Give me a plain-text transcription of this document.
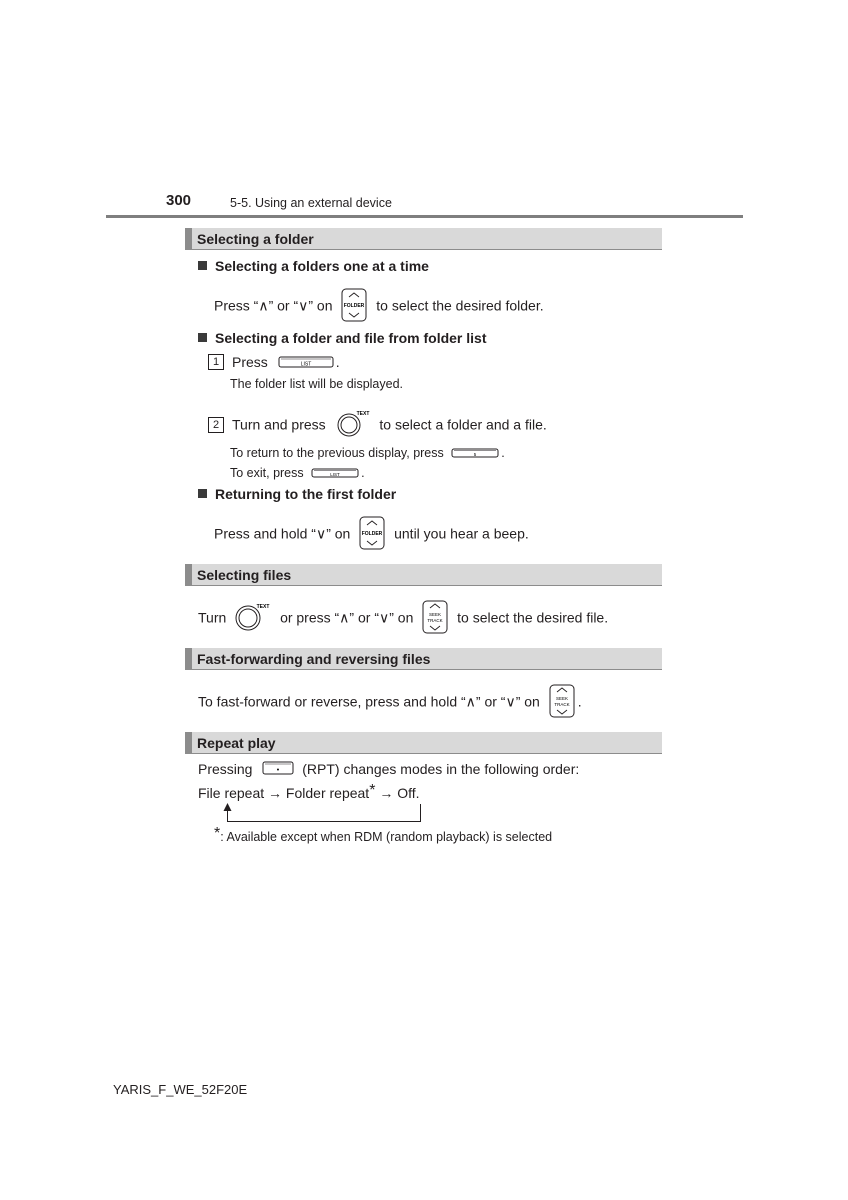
300	5-5. Using an external device
Selecting a folder
Selecting a folders one at a time
Press “∧” or “∨” on FOLDER to select the desired folder.
Selecting a folder and file from folder list
1 Press	LIST .
The folder list will be displayed.
2 Turn and press
TEXT
to select a folder and a file.
To return to the previous display, press	5 .
To exit, press	LIST .
Returning to the first folder
Press and hold “∨” on FOLDER until you hear a beep.
Selecting files
Turn
TEXT
or press “∧” or “∨” on	SEEK
TRACK to select the desired file.
Fast-forwarding and reversing files
To fast-forward or reverse, press and hold “∧” or “∨” on	SEEK
TRACK .
Repeat play
Pressing	• (RPT) changes modes in the following order:
File repeat → Folder repeat* → Off.
*: Available except when RDM (random playback) is selected
YARIS_F_WE_52F20E
